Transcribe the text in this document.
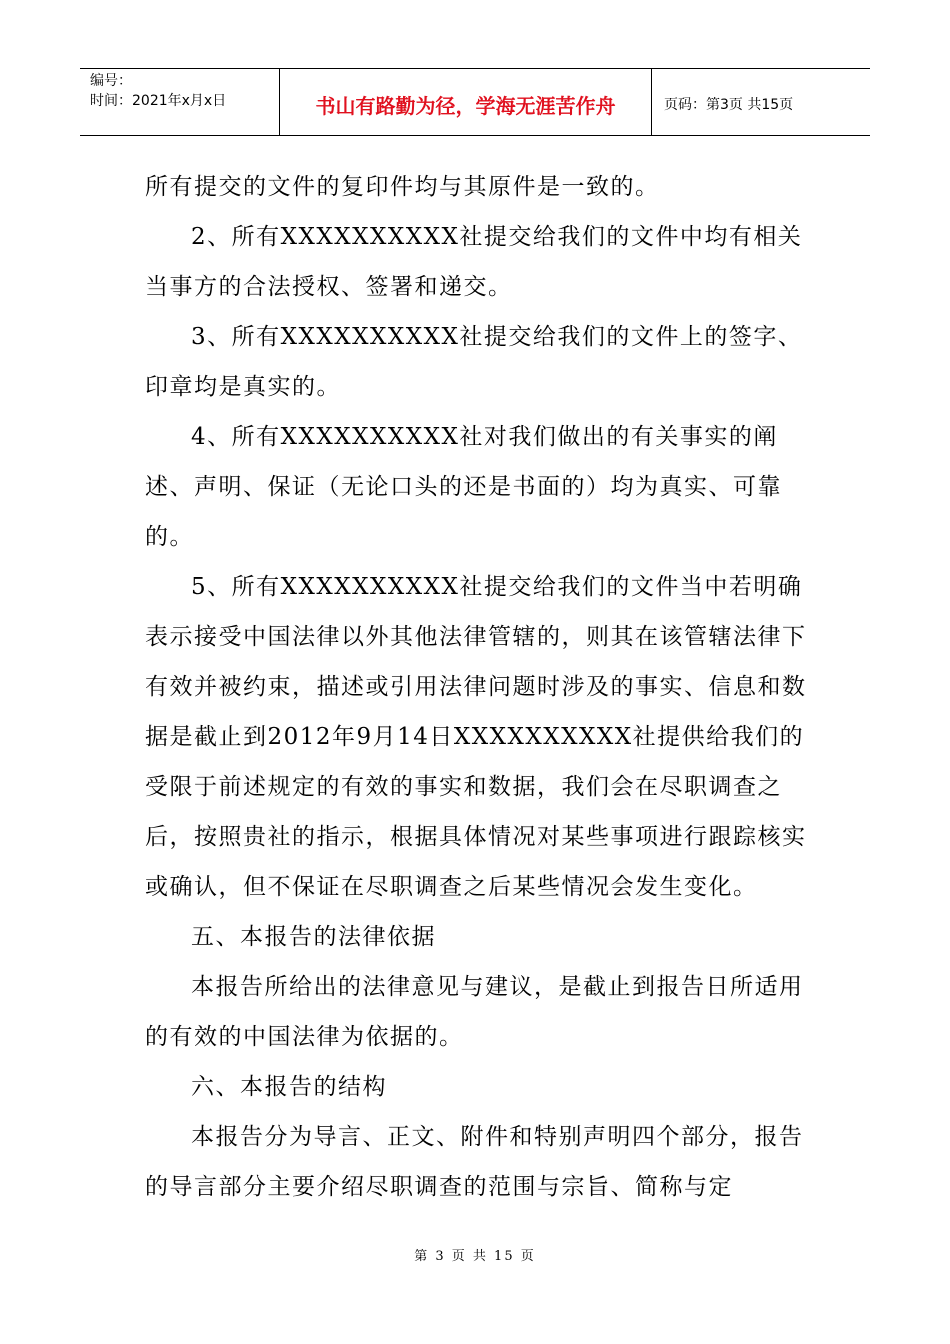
编号：
时间：2021年x月x日	书山有路勤为径，学海无涯苦作舟	页码：第3页 共15页

所有提交的文件的复印件均与其原件是一致的。

2、所有XXXXXXXXXX社提交给我们的文件中均有相关当事方的合法授权、签署和递交。

3、所有XXXXXXXXXX社提交给我们的文件上的签字、印章均是真实的。

4、所有XXXXXXXXXX社对我们做出的有关事实的阐述、声明、保证（无论口头的还是书面的）均为真实、可靠的。

5、所有XXXXXXXXXX社提交给我们的文件当中若明确表示接受中国法律以外其他法律管辖的，则其在该管辖法律下有效并被约束，描述或引用法律问题时涉及的事实、信息和数据是截止到2012年9月14日XXXXXXXXXX社提供给我们的受限于前述规定的有效的事实和数据，我们会在尽职调查之后，按照贵社的指示，根据具体情况对某些事项进行跟踪核实或确认，但不保证在尽职调查之后某些情况会发生变化。

五、本报告的法律依据

本报告所给出的法律意见与建议，是截止到报告日所适用的有效的中国法律为依据的。

六、本报告的结构

本报告分为导言、正文、附件和特别声明四个部分，报告的导言部分主要介绍尽职调查的范围与宗旨、简称与定

第 3 页 共 15 页
